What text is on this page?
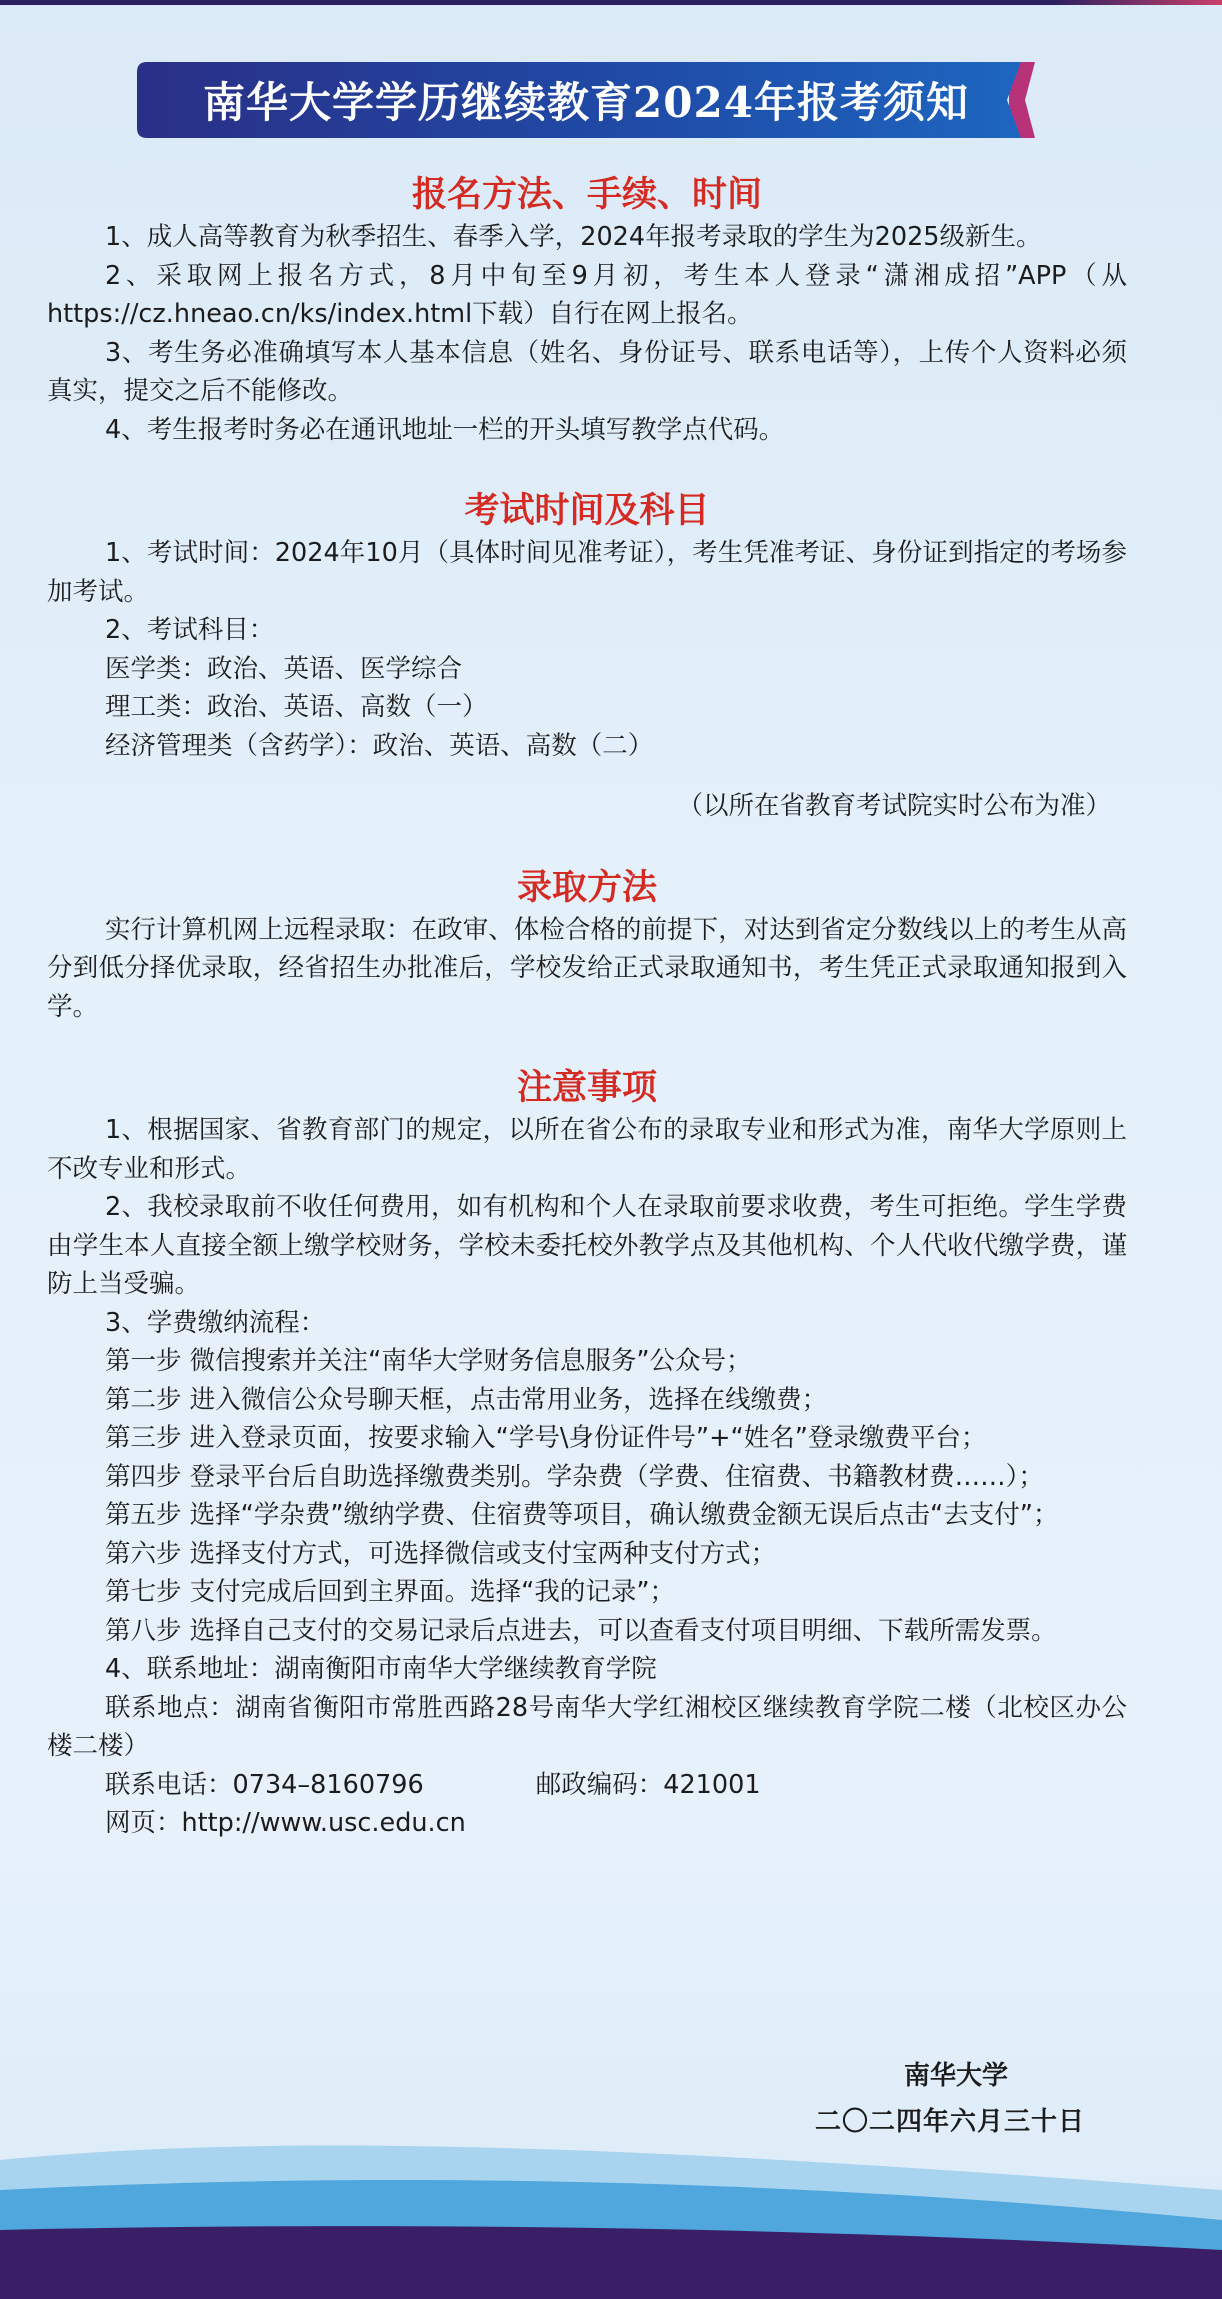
南华大学学历继续教育2024年报考须知
报名方法、手续、时间

1、成人高等教育为秋季招生、春季入学，2024年报考录取的学生为2025级新生。

2、采取网上报名方式，8月中旬至9月初，考生本人登录“潇湘成招”APP（从https://cz.hneao.cn/ks/index.html下载）自行在网上报名。

3、考生务必准确填写本人基本信息（姓名、身份证号、联系电话等），上传个人资料必须真实，提交之后不能修改。

4、考生报考时务必在通讯地址一栏的开头填写教学点代码。

考试时间及科目

1、考试时间：2024年10月（具体时间见准考证），考生凭准考证、身份证到指定的考场参加考试。

2、考试科目：

医学类：政治、英语、医学综合

理工类：政治、英语、高数（一）

经济管理类（含药学）：政治、英语、高数（二）

（以所在省教育考试院实时公布为准）

录取方法

实行计算机网上远程录取：在政审、体检合格的前提下，对达到省定分数线以上的考生从高分到低分择优录取，经省招生办批准后，学校发给正式录取通知书，考生凭正式录取通知报到入学。

注意事项

1、根据国家、省教育部门的规定，以所在省公布的录取专业和形式为准，南华大学原则上不改专业和形式。

2、我校录取前不收任何费用，如有机构和个人在录取前要求收费，考生可拒绝。学生学费由学生本人直接全额上缴学校财务，学校未委托校外教学点及其他机构、个人代收代缴学费，谨防上当受骗。

3、学费缴纳流程：

第一步 微信搜索并关注“南华大学财务信息服务”公众号；

第二步 进入微信公众号聊天框，点击常用业务，选择在线缴费；

第三步 进入登录页面，按要求输入“学号\身份证件号”+“姓名”登录缴费平台；

第四步 登录平台后自助选择缴费类别。学杂费（学费、住宿费、书籍教材费……）；

第五步 选择“学杂费”缴纳学费、住宿费等项目，确认缴费金额无误后点击“去支付”；

第六步 选择支付方式，可选择微信或支付宝两种支付方式；

第七步 支付完成后回到主界面。选择“我的记录”；

第八步 选择自己支付的交易记录后点进去，可以查看支付项目明细、下载所需发票。

4、联系地址：湖南衡阳市南华大学继续教育学院

联系地点：湖南省衡阳市常胜西路28号南华大学红湘校区继续教育学院二楼（北校区办公楼二楼）

联系电话：0734–8160796	邮政编码：421001

网页：http://www.usc.edu.cn

南华大学
二〇二四年六月三十日
